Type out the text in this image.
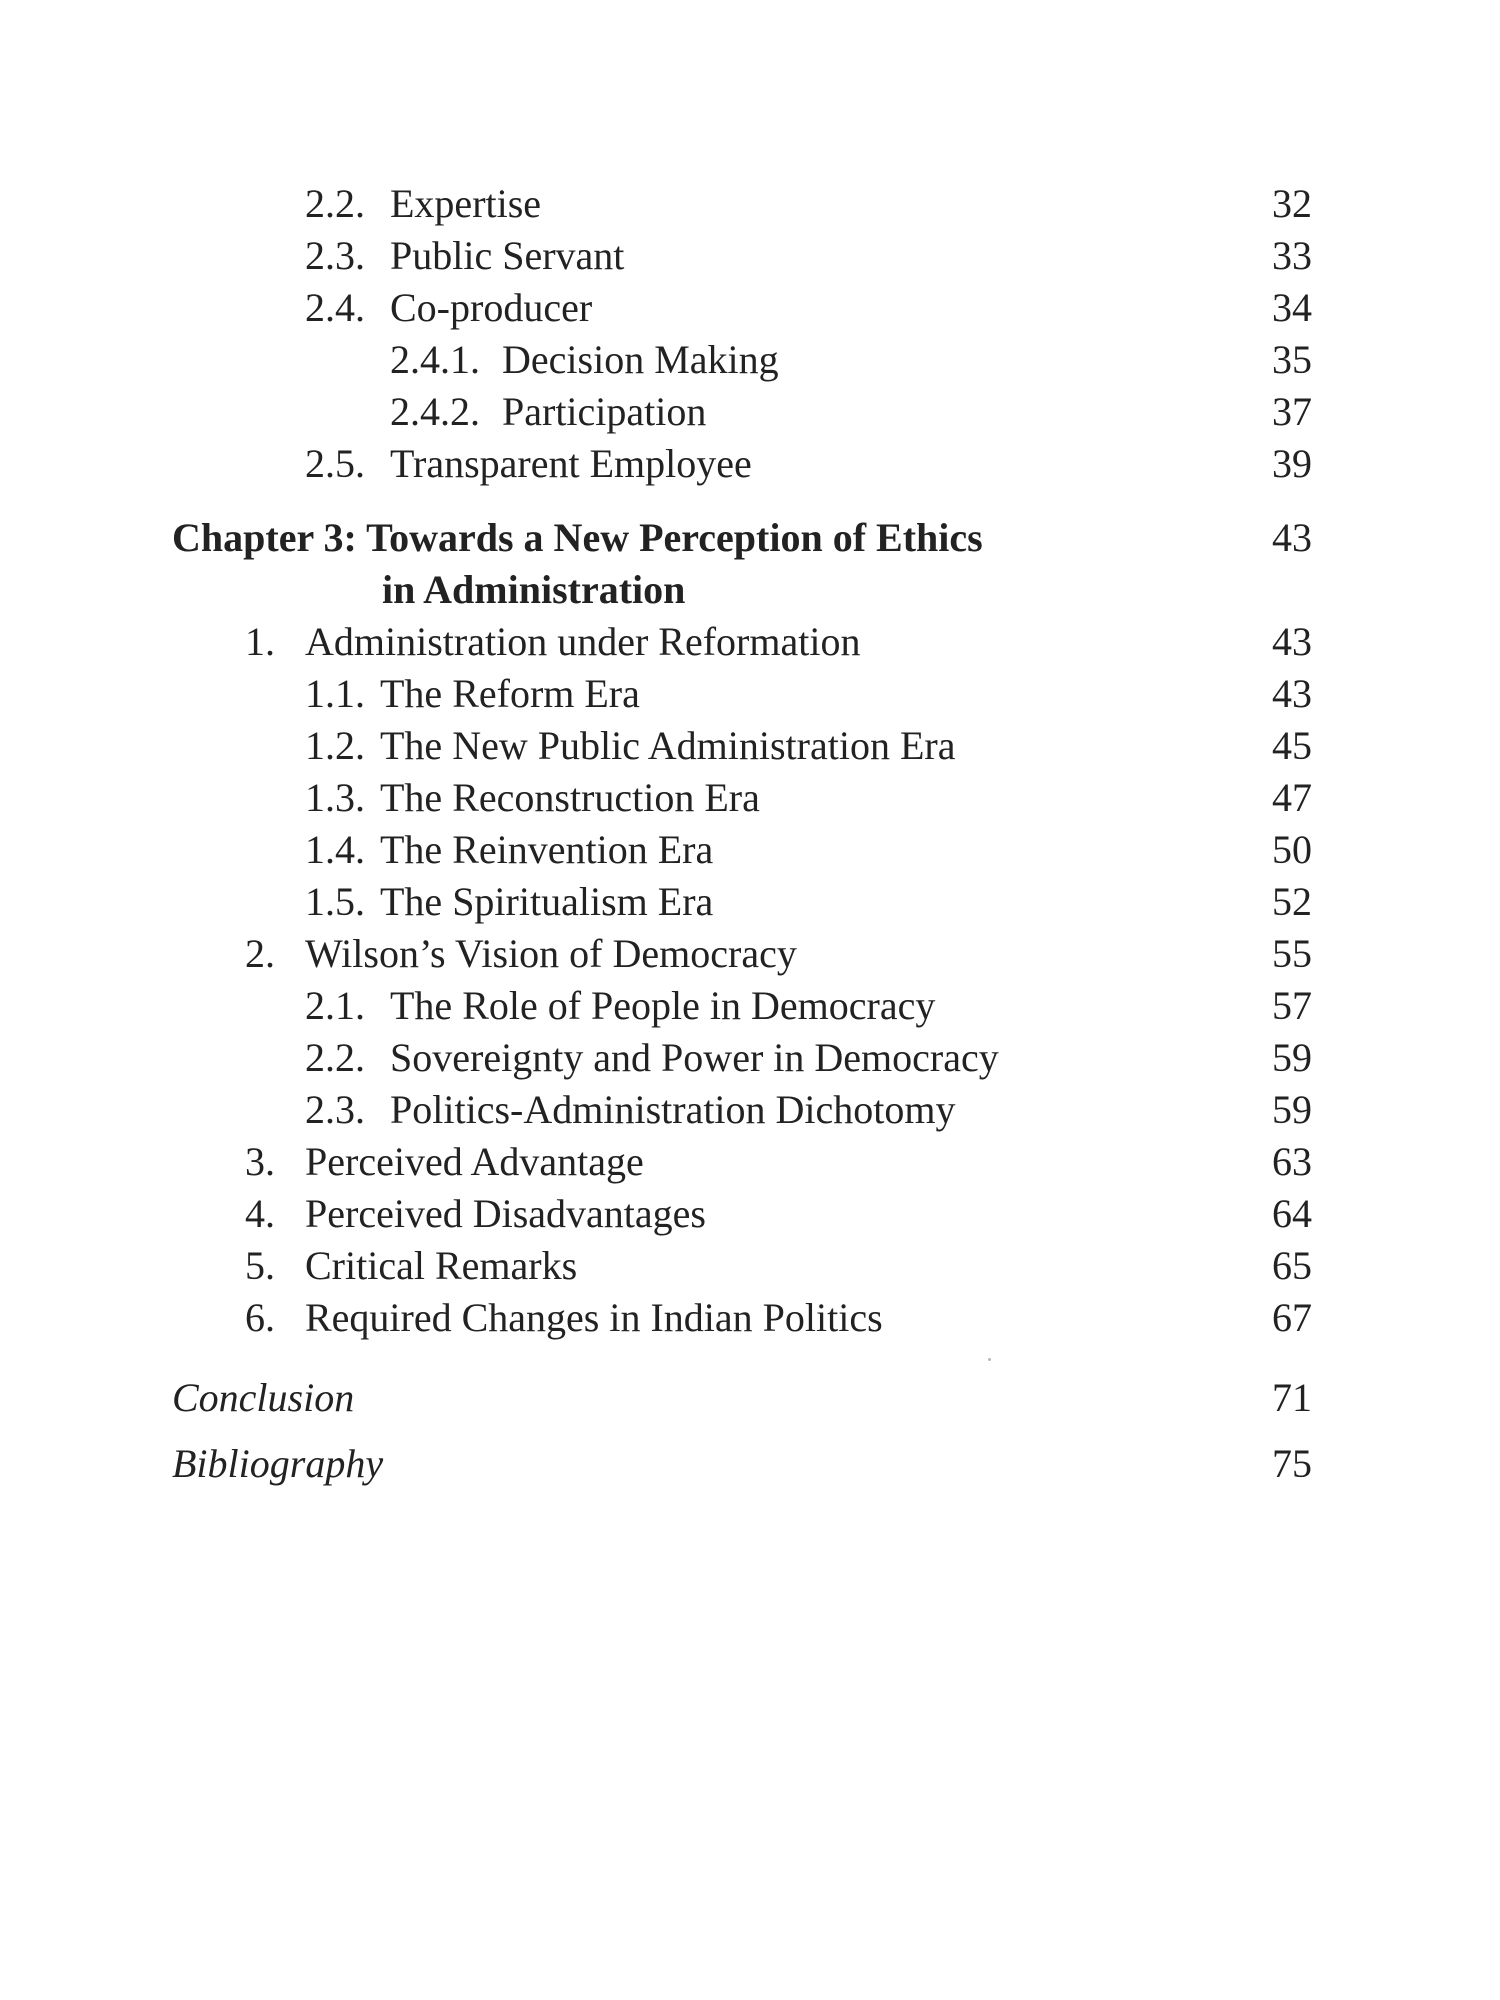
2.2. Expertise	32
2.3. Public Servant	33
2.4. Co-producer	34
2.4.1. Decision Making	35
2.4.2. Participation	37
2.5. Transparent Employee	39
Chapter 3: Towards a New Perception of Ethics	43
in Administration
1. Administration under Reformation	43
1.1. The Reform Era	43
1.2. The New Public Administration Era	45
1.3. The Reconstruction Era	47
1.4. The Reinvention Era	50
1.5. The Spiritualism Era	52
2. Wilson’s Vision of Democracy	55
2.1. The Role of People in Democracy	57
2.2. Sovereignty and Power in Democracy	59
2.3. Politics-Administration Dichotomy	59
3. Perceived Advantage	63
4. Perceived Disadvantages	64
5. Critical Remarks	65
6. Required Changes in Indian Politics	67
Conclusion	71
Bibliography	75
